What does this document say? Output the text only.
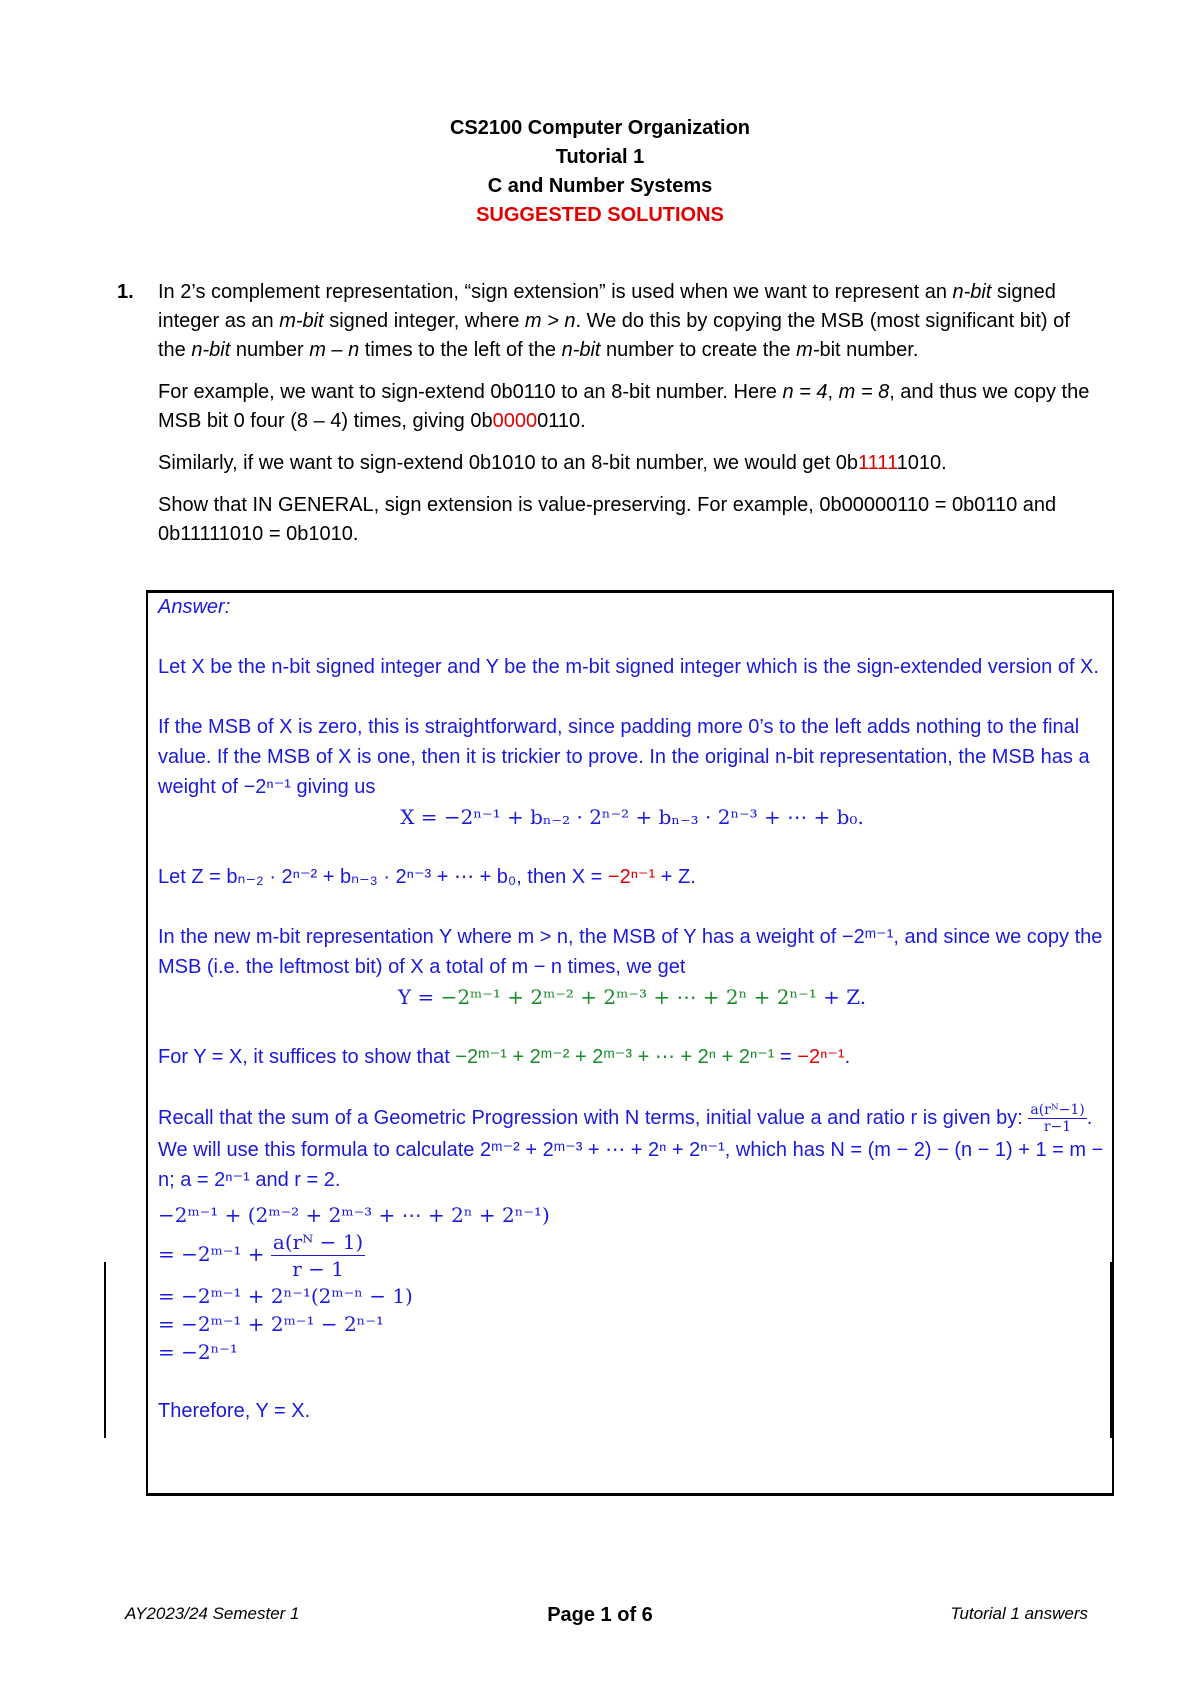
CS2100 Computer Organization
Tutorial 1
C and Number Systems
SUGGESTED SOLUTIONS
1. In 2’s complement representation, “sign extension” is used when we want to represent an n-bit signed integer as an m-bit signed integer, where m > n. We do this by copying the MSB (most significant bit) of the n-bit number m – n times to the left of the n-bit number to create the m-bit number.

For example, we want to sign-extend 0b0110 to an 8-bit number. Here n = 4, m = 8, and thus we copy the MSB bit 0 four (8 – 4) times, giving 0b00000110.

Similarly, if we want to sign-extend 0b1010 to an 8-bit number, we would get 0b11111010.

Show that IN GENERAL, sign extension is value-preserving. For example, 0b00000110 = 0b0110 and 0b11111010 = 0b1010.

Answer:

Let X be the n-bit signed integer and Y be the m-bit signed integer which is the sign-extended version of X.

If the MSB of X is zero, this is straightforward, since padding more 0’s to the left adds nothing to the final value. If the MSB of X is one, then it is trickier to prove. In the original n-bit representation, the MSB has a weight of −2ⁿ⁻¹ giving us

X = −2ⁿ⁻¹ + bₙ₋₂ · 2ⁿ⁻² + bₙ₋₃ · 2ⁿ⁻³ + ⋯ + b₀.

Let Z = bₙ₋₂ · 2ⁿ⁻² + bₙ₋₃ · 2ⁿ⁻³ + ⋯ + b₀, then X = −2ⁿ⁻¹ + Z.

In the new m-bit representation Y where m > n, the MSB of Y has a weight of −2ᵐ⁻¹, and since we copy the MSB (i.e. the leftmost bit) of X a total of m − n times, we get

Y = −2ᵐ⁻¹ + 2ᵐ⁻² + 2ᵐ⁻³ + ⋯ + 2ⁿ + 2ⁿ⁻¹ + Z.

For Y = X, it suffices to show that −2ᵐ⁻¹ + 2ᵐ⁻² + 2ᵐ⁻³ + ⋯ + 2ⁿ + 2ⁿ⁻¹ = −2ⁿ⁻¹.

Recall that the sum of a Geometric Progression with N terms, initial value a and ratio r is given by: $\frac{\text{a(rᴺ−1)}}{r-1}$ . We will use this formula to calculate 2ᵐ⁻² + 2ᵐ⁻³ + ⋯ + 2ⁿ + 2ⁿ⁻¹, which has N = (m − 2) − (n − 1) + 1 = m − n; a = 2ⁿ⁻¹ and r = 2.

−2ᵐ⁻¹ + (2ᵐ⁻² + 2ᵐ⁻³ + ⋯ + 2ⁿ + 2ⁿ⁻¹)
= −2ᵐ⁻¹ + $\frac{\text{a(rᴺ − 1)}}{r - 1}$
= −2ᵐ⁻¹ + 2ⁿ⁻¹(2ᵐ⁻ⁿ − 1)
= −2ᵐ⁻¹ + 2ᵐ⁻¹ − 2ⁿ⁻¹
= −2ⁿ⁻¹

Therefore, Y = X.

AY2023/24 Semester 1	Page 1 of 6	Tutorial 1 answers
